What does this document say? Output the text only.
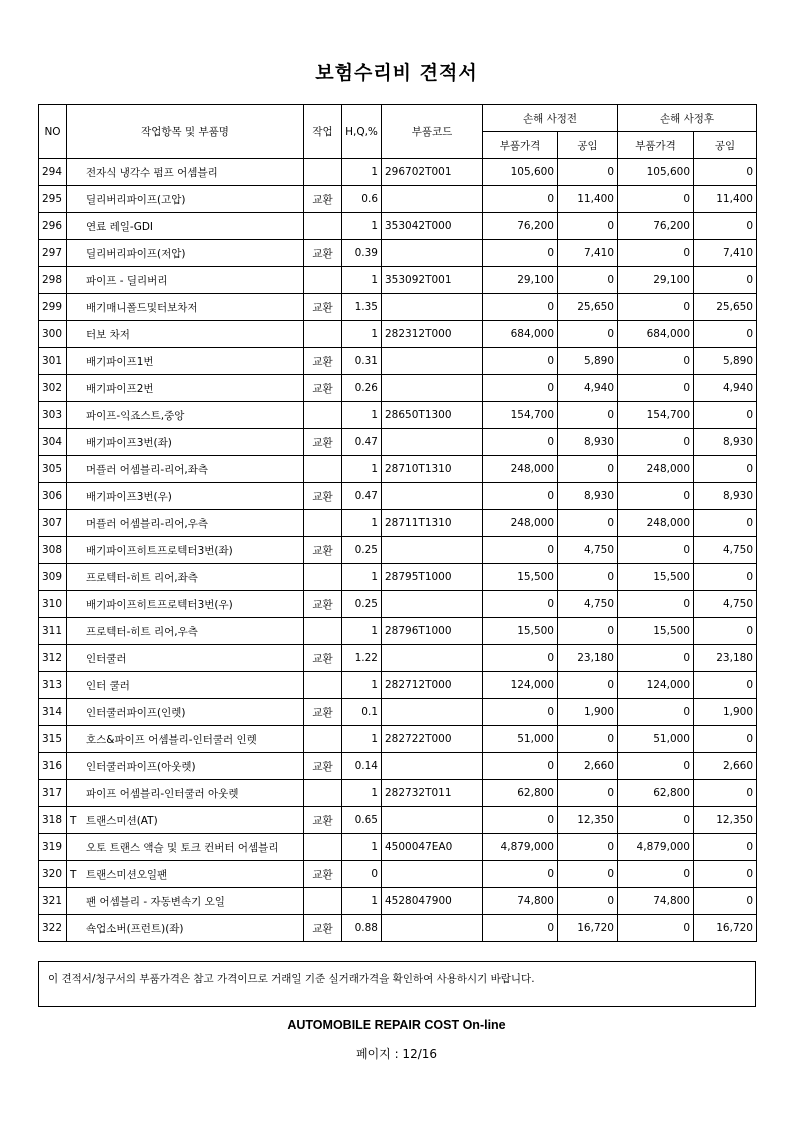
보험수리비 견적서
NO	작업항목 및 부품명	작업	H,Q,%	부품코드	손해 사정전		손해 사정후	
					부품가격	공임	부품가격	공임
294	전자식 냉각수 펌프 어셈블리		1	296702T001	105,600	0	105,600	0
295	딜리버리파이프(고압)	교환	0.6		0	11,400	0	11,400
296	연료 레일-GDI		1	353042T000	76,200	0	76,200	0
297	딜리버리파이프(저압)	교환	0.39		0	7,410	0	7,410
298	파이프 - 딜리버리		1	353092T001	29,100	0	29,100	0
299	배기매니폴드및터보차저	교환	1.35		0	25,650	0	25,650
300	터보 차저		1	282312T000	684,000	0	684,000	0
301	배기파이프1번	교환	0.31		0	5,890	0	5,890
302	배기파이프2번	교환	0.26		0	4,940	0	4,940
303	파이프-익죠스트,중앙		1	28650T1300	154,700	0	154,700	0
304	배기파이프3번(좌)	교환	0.47		0	8,930	0	8,930
305	머플러 어셈블리-리어,좌측		1	28710T1310	248,000	0	248,000	0
306	배기파이프3번(우)	교환	0.47		0	8,930	0	8,930
307	머플러 어셈블리-리어,우측		1	28711T1310	248,000	0	248,000	0
308	배기파이프히트프로텍터3번(좌)	교환	0.25		0	4,750	0	4,750
309	프로텍터-히트 리어,좌측		1	28795T1000	15,500	0	15,500	0
310	배기파이프히트프로텍터3번(우)	교환	0.25		0	4,750	0	4,750
311	프로텍터-히트 리어,우측		1	28796T1000	15,500	0	15,500	0
312	인터쿨러	교환	1.22		0	23,180	0	23,180
313	인터 쿨러		1	282712T000	124,000	0	124,000	0
314	인터쿨러파이프(인렛)	교환	0.1		0	1,900	0	1,900
315	호스&파이프 어셈블리-인터쿨러 인렛		1	282722T000	51,000	0	51,000	0
316	인터쿨러파이프(아웃렛)	교환	0.14		0	2,660	0	2,660
317	파이프 어셈블리-인터쿨러 아웃렛		1	282732T011	62,800	0	62,800	0
318	T 트랜스미션(AT)	교환	0.65		0	12,350	0	12,350
319	오토 트랜스 액슬 및 토크 컨버터 어셈블리		1	4500047EA0	4,879,000	0	4,879,000	0
320	T 트랜스미션오일팬	교환	0		0	0	0	0
321	팬 어셈블리 - 자동변속기 오일		1	4528047900	74,800	0	74,800	0
322	쇽업소버(프런트)(좌)	교환	0.88		0	16,720	0	16,720
이 견적서/청구서의 부품가격은 참고 가격이므로 거래일 기준 실거래가격을 확인하여 사용하시기 바랍니다.
AUTOMOBILE REPAIR COST On-line
페이지 : 12/16
